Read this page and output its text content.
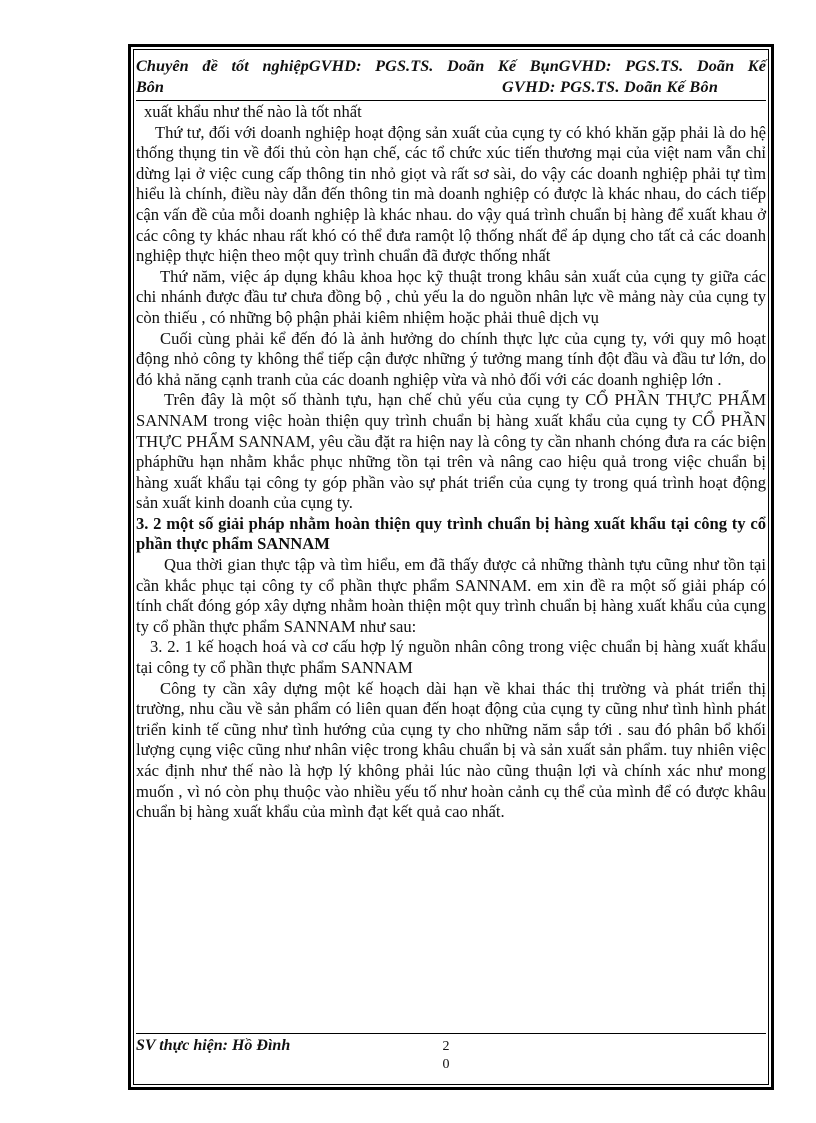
Chuyên đề tốt nghiệpGVHD: PGS.TS. Doãn Kế BụnGVHD: PGS.TS. Doãn Kế
Bôn	GVHD: PGS.TS. Doãn Kế Bôn

xuất khẩu như thế nào là tốt nhất

Thứ tư, đối với doanh nghiệp hoạt động sản xuất của cụng ty có khó khăn gặp phải là do hệ thống thụng tin về đối thủ còn hạn chế, các tổ chức xúc tiến thương mại của việt nam vẫn chỉ dừng lại ở việc cung cấp thông tin nhỏ giọt và rất sơ sài, do vậy các doanh nghiệp phải tự tìm hiểu là chính, điều này dẫn đến thông tin mà doanh nghiệp có được là khác nhau, do cách tiếp cận vấn đề của mỗi doanh nghiệp là khác nhau. do vậy quá trình chuẩn bị hàng để xuất khau ở các công ty khác nhau rất khó có thể đưa ramột lộ thống nhất để áp dụng cho tất cả các doanh nghiệp thực hiện theo một quy trình chuẩn đã được thống nhất

Thứ năm, việc áp dụng khâu khoa học kỹ thuật trong khâu sản xuất của cụng ty giữa các chi nhánh được đầu tư chưa đồng bộ , chủ yếu la do nguồn nhân lực về mảng này của cụng ty còn thiếu , có những bộ phận phải kiêm nhiệm hoặc phải thuê dịch vụ

Cuối cùng phải kể đến đó là ảnh hưởng do chính thực lực của cụng ty, với quy mô hoạt động nhỏ công ty không thể tiếp cận được những ý tưởng mang tính đột đầu và đầu tư lớn, do đó khả năng cạnh tranh của các doanh nghiệp vừa và nhỏ đối với các doanh nghiệp lớn .

Trên đây là một số thành tựu, hạn chế chủ yếu của cụng ty CỔ PHẦN THỰC PHẨM SANNAM trong việc hoàn thiện quy trình chuẩn bị hàng xuất khẩu của cụng ty CỔ PHẦN THỰC PHẨM SANNAM, yêu cầu đặt ra hiện nay là công ty cần nhanh chóng đưa ra các biện pháphữu hạn nhằm khắc phục những tồn tại trên và nâng cao hiệu quả trong việc chuẩn bị hàng xuất khẩu tại công ty góp phần vào sự phát triển của cụng ty trong quá trình hoạt động sản xuất kinh doanh của cụng ty.

3. 2 một số giải pháp nhằm hoàn thiện quy trình chuẩn bị hàng xuất khẩu tại công ty cổ phần thực phẩm SANNAM

Qua thời gian thực tập và tìm hiểu, em đã thấy được cả những thành tựu cũng như tồn tại cần khắc phục tại công ty cổ phần thực phẩm SANNAM. em xin đề ra một số giải pháp có tính chất đóng góp xây dựng nhằm hoàn thiện một quy trình chuẩn bị hàng xuất khẩu của cụng ty cổ phần thực phẩm SANNAM như sau:

3. 2. 1 kế hoạch hoá và cơ cấu hợp lý nguồn nhân công trong việc chuẩn bị hàng xuất khẩu tại công ty cổ phần thực phẩm SANNAM

Công ty cần xây dựng một kế hoạch dài hạn về khai thác thị trường và phát triển thị trường, nhu cầu về sản phẩm có liên quan đến hoạt động của cụng ty cũng như tình hình phát triển kinh tế cũng như tình hướng của cụng ty cho những năm sắp tới . sau đó phân bổ khối lượng cụng việc cũng như nhân việc trong khâu chuẩn bị và sản xuất sản phẩm. tuy nhiên việc xác định như thế nào là hợp lý không phải lúc nào cũng thuận lợi và chính xác như mong muốn , vì nó còn phụ thuộc vào nhiều yếu tố như hoàn cảnh cụ thể của mình để có được khâu chuẩn bị hàng xuất khẩu của mình đạt kết quả cao nhất.

SV thực hiện: Hồ Đình	2
0
